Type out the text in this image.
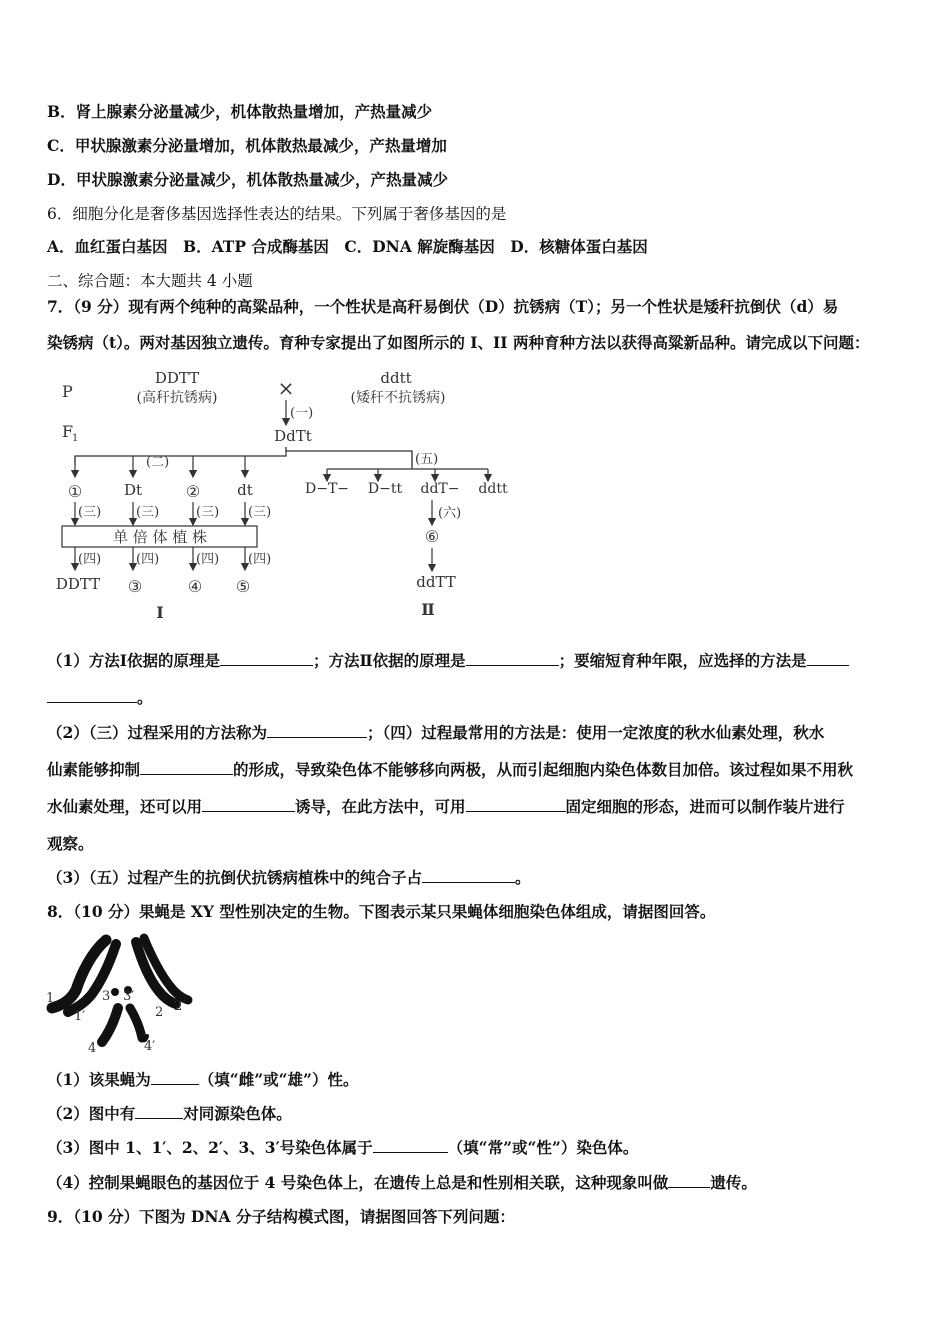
B．肾上腺素分泌量减少，机体散热量增加，产热量减少
C．甲状腺激素分泌量增加，机体散热最减少，产热量增加
D．甲状腺激素分泌量减少，机体散热量减少，产热量减少
6．细胞分化是奢侈基因选择性表达的结果。下列属于奢侈基因的是
A．血红蛋白基因　B．ATP 合成酶基因　C．DNA 解旋酶基因　D．核糖体蛋白基因
二、综合题：本大题共 4 小题
7．（9 分）现有两个纯种的高粱品种，一个性状是高秆易倒伏（D）抗锈病（T）；另一个性状是矮秆抗倒伏（d）易
染锈病（t）。两对基因独立遗传。育种专家提出了如图所示的 I、II 两种育种方法以获得高粱新品种。请完成以下问题：
P
F
1
DDTT
(高秆抗锈病)	×	ddtt
(矮秆不抗锈病)
(一)
DdTt
(二)	(五)
①	Dt	② dt	D−T− D−tt ddT− ddtt
(三)	(三)	(三) (三)
单 倍 体 植 株
(四)	(四)	(四) (四)
DDTT ③	④ ⑤
I
(六)
⑥
ddTT
Ⅱ
（1）方法Ⅰ依据的原理是	；方法Ⅱ依据的原理是	；要缩短育种年限，应选择的方法是
。
（2）（三）过程采用的方法称为	；（四）过程最常用的方法是：使用一定浓度的秋水仙素处理，秋水
仙素能够抑制	的形成，导致染色体不能够移向两极，从而引起细胞内染色体数目加倍。该过程如果不用秋
水仙素处理，还可以用	诱导，在此方法中，可用	固定细胞的形态，进而可以制作装片进行
观察。
（3）（五）过程产生的抗倒伏抗锈病植株中的纯合子占	。
8．（10 分）果蝇是 XY 型性别决定的生物。下图表示某只果蝇体细胞染色体组成，请据图回答。
1
1′
3 3′
2 2′
4	4′
（1）该果蝇为	（填“雌”或“雄”）性。
（2）图中有	对同源染色体。
（3）图中 1、1′、2、2′、3、3′号染色体属于	（填“常”或“性”）染色体。
（4）控制果蝇眼色的基因位于 4 号染色体上，在遗传上总是和性别相关联，这种现象叫做	遗传。
9．（10 分）下图为 DNA 分子结构模式图，请据图回答下列问题：
